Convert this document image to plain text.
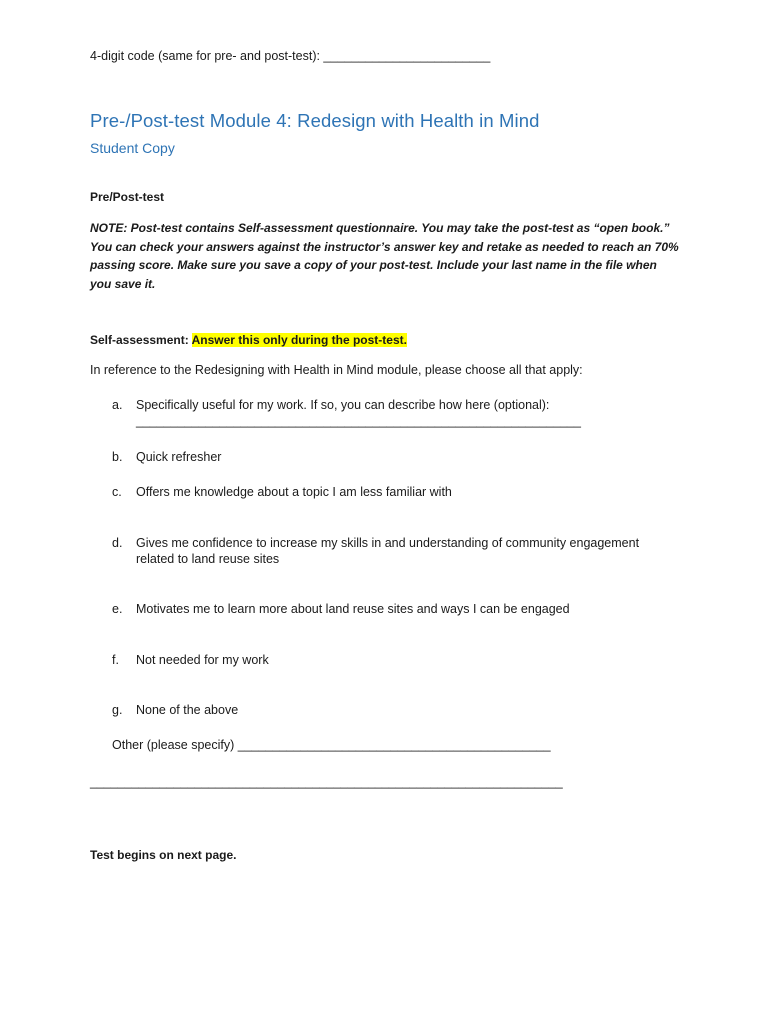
4-digit code (same for pre- and post-test): ________________________
Pre-/Post-test Module 4: Redesign with Health in Mind
Student Copy
Pre/Post-test
NOTE: Post-test contains Self-assessment questionnaire. You may take the post-test as “open book.” You can check your answers against the instructor’s answer key and retake as needed to reach an 70% passing score. Make sure you save a copy of your post-test. Include your last name in the file when you save it.
Self-assessment: Answer this only during the post-test.
In reference to the Redesigning with Health in Mind module, please choose all that apply:
a.	Specifically useful for my work. If so, you can describe how here (optional):
________________________________________________________________
b.	Quick refresher
c.	Offers me knowledge about a topic I am less familiar with
d.	Gives me confidence to increase my skills in and understanding of community engagement
related to land reuse sites
e.	Motivates me to learn more about land reuse sites and ways I can be engaged
f.	Not needed for my work
g.	None of the above
Other (please specify) _____________________________________________
____________________________________________________________________
Test begins on next page.
